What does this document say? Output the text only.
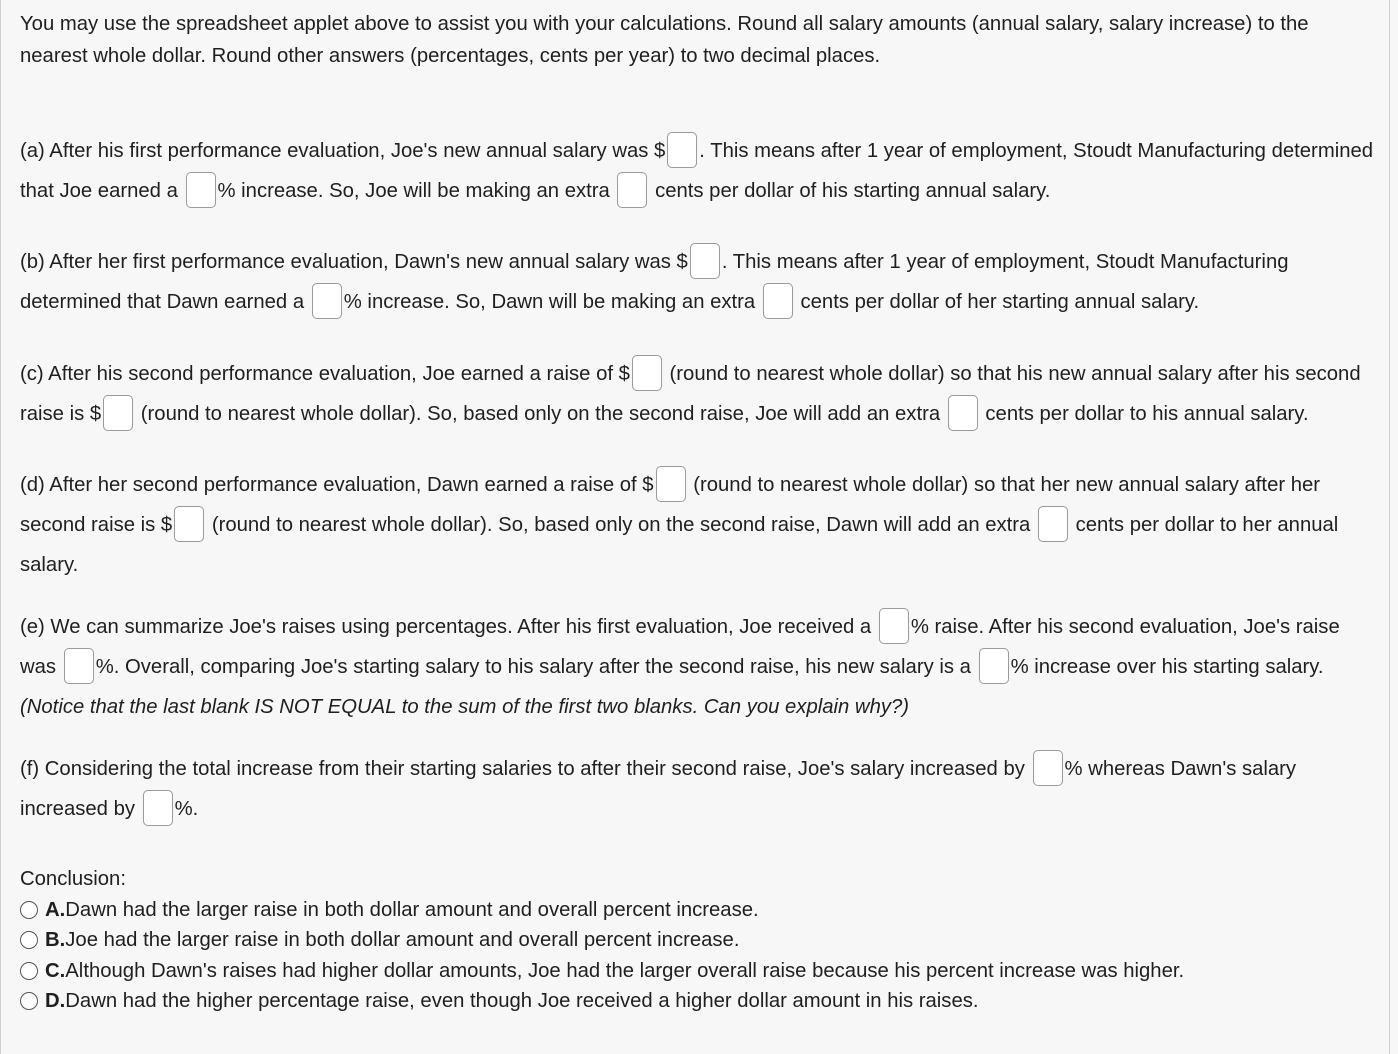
You may use the spreadsheet applet above to assist you with your calculations. Round all salary amounts (annual salary, salary increase) to the nearest whole dollar. Round other answers (percentages, cents per year) to two decimal places.
(a) After his first performance evaluation, Joe's new annual salary was $ . This means after 1 year of employment, Stoudt Manufacturing determined that Joe earned a % increase. So, Joe will be making an extra  cents per dollar of his starting annual salary.
(b) After her first performance evaluation, Dawn's new annual salary was $ . This means after 1 year of employment, Stoudt Manufacturing determined that Dawn earned a % increase. So, Dawn will be making an extra  cents per dollar of her starting annual salary.
(c) After his second performance evaluation, Joe earned a raise of $ (round to nearest whole dollar) so that his new annual salary after his second raise is $ (round to nearest whole dollar). So, based only on the second raise, Joe will add an extra  cents per dollar to his annual salary.
(d) After her second performance evaluation, Dawn earned a raise of $ (round to nearest whole dollar) so that her new annual salary after her second raise is $ (round to nearest whole dollar). So, based only on the second raise, Dawn will add an extra  cents per dollar to her annual salary.
(e) We can summarize Joe's raises using percentages. After his first evaluation, Joe received a % raise. After his second evaluation, Joe's raise was %. Overall, comparing Joe's starting salary to his salary after the second raise, his new salary is a % increase over his starting salary. (Notice that the last blank IS NOT EQUAL to the sum of the first two blanks. Can you explain why?)
(f) Considering the total increase from their starting salaries to after their second raise, Joe's salary increased by % whereas Dawn's salary increased by %.
Conclusion:
A. Dawn had the larger raise in both dollar amount and overall percent increase.
B. Joe had the larger raise in both dollar amount and overall percent increase.
C. Although Dawn's raises had higher dollar amounts, Joe had the larger overall raise because his percent increase was higher.
D. Dawn had the higher percentage raise, even though Joe received a higher dollar amount in his raises.
